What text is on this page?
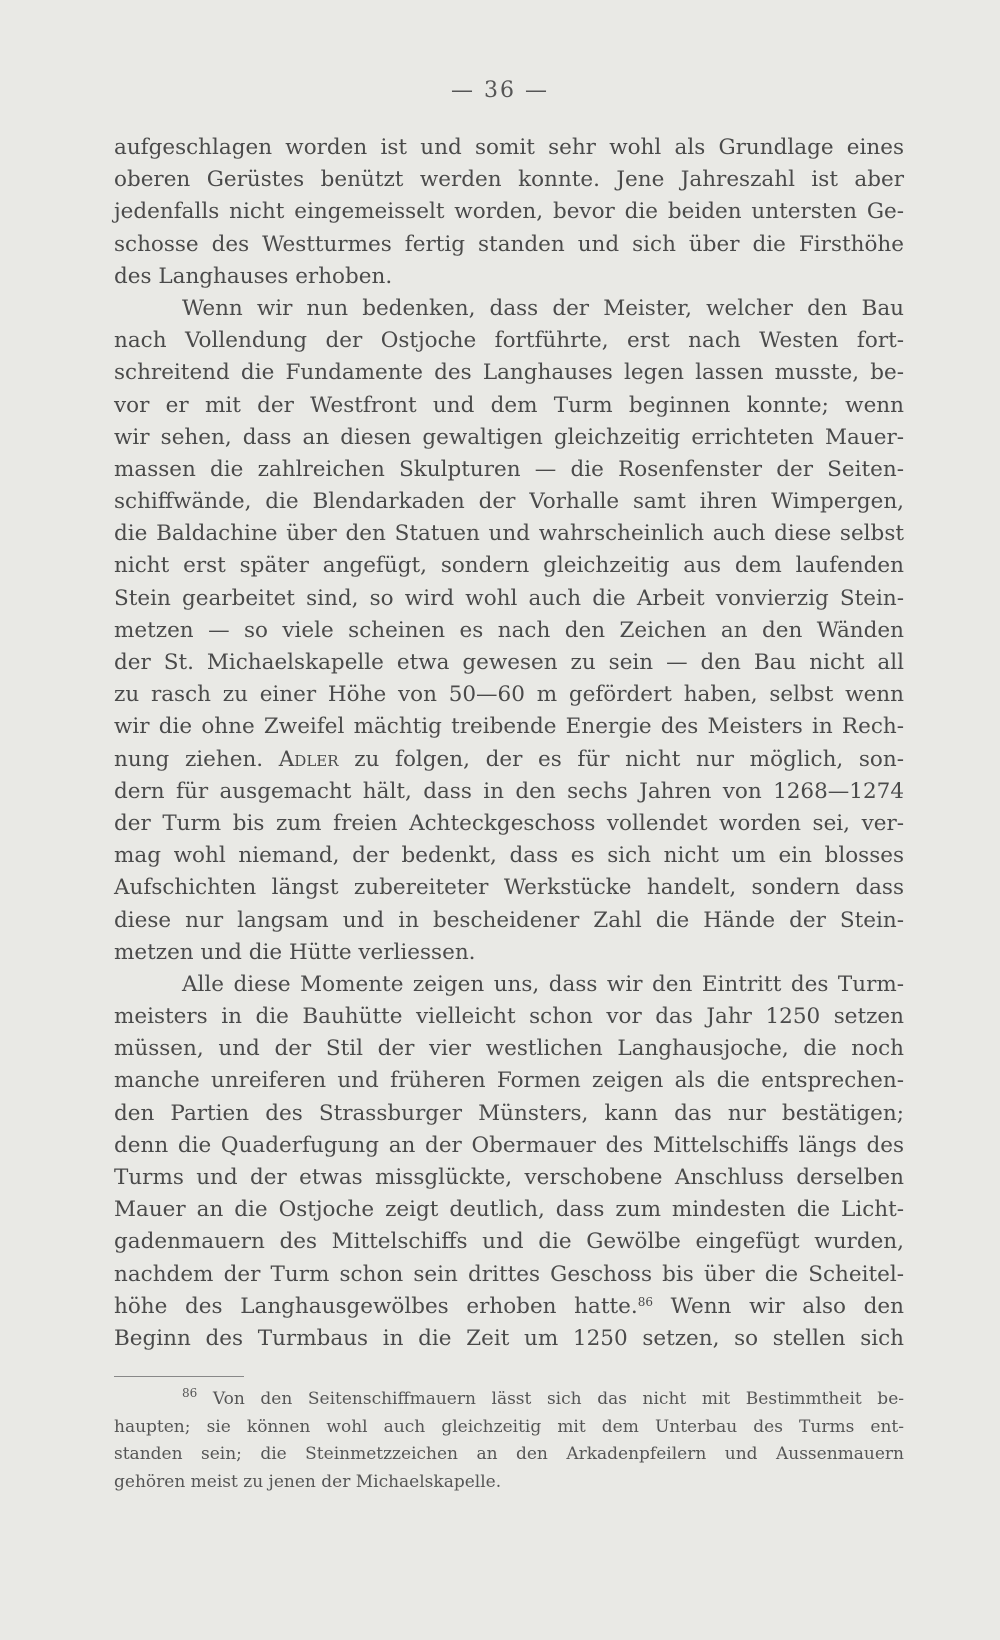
— 36 —
aufgeschlagen worden ist und somit sehr wohl als Grundlage eines
oberen Gerüstes benützt werden konnte. Jene Jahreszahl ist aber
jedenfalls nicht eingemeisselt worden, bevor die beiden untersten Ge-
schosse des Westturmes fertig standen und sich über die Firsthöhe
des Langhauses erhoben.
Wenn wir nun bedenken, dass der Meister, welcher den Bau
nach Vollendung der Ostjoche fortführte, erst nach Westen fort-
schreitend die Fundamente des Langhauses legen lassen musste, be-
vor er mit der Westfront und dem Turm beginnen konnte; wenn
wir sehen, dass an diesen gewaltigen gleichzeitig errichteten Mauer-
massen die zahlreichen Skulpturen — die Rosenfenster der Seiten-
schiffwände, die Blendarkaden der Vorhalle samt ihren Wimpergen,
die Baldachine über den Statuen und wahrscheinlich auch diese selbst
nicht erst später angefügt, sondern gleichzeitig aus dem laufenden
Stein gearbeitet sind, so wird wohl auch die Arbeit vonvierzig Stein-
metzen — so viele scheinen es nach den Zeichen an den Wänden
der St. Michaelskapelle etwa gewesen zu sein — den Bau nicht all
zu rasch zu einer Höhe von 50—60 m gefördert haben, selbst wenn
wir die ohne Zweifel mächtig treibende Energie des Meisters in Rech-
nung ziehen. Adler zu folgen, der es für nicht nur möglich, son-
dern für ausgemacht hält, dass in den sechs Jahren von 1268—1274
der Turm bis zum freien Achteckgeschoss vollendet worden sei, ver-
mag wohl niemand, der bedenkt, dass es sich nicht um ein blosses
Aufschichten längst zubereiteter Werkstücke handelt, sondern dass
diese nur langsam und in bescheidener Zahl die Hände der Stein-
metzen und die Hütte verliessen.
Alle diese Momente zeigen uns, dass wir den Eintritt des Turm-
meisters in die Bauhütte vielleicht schon vor das Jahr 1250 setzen
müssen, und der Stil der vier westlichen Langhausjoche, die noch
manche unreiferen und früheren Formen zeigen als die entsprechen-
den Partien des Strassburger Münsters, kann das nur bestätigen;
denn die Quaderfugung an der Obermauer des Mittelschiffs längs des
Turms und der etwas missglückte, verschobene Anschluss derselben
Mauer an die Ostjoche zeigt deutlich, dass zum mindesten die Licht-
gadenmauern des Mittelschiffs und die Gewölbe eingefügt wurden,
nachdem der Turm schon sein drittes Geschoss bis über die Scheitel-
höhe des Langhausgewölbes erhoben hatte.$^{86}$ Wenn wir also den
Beginn des Turmbaus in die Zeit um 1250 setzen, so stellen sich
$^{86}$ Von den Seitenschiffmauern lässt sich das nicht mit Bestimmtheit be-
haupten; sie können wohl auch gleichzeitig mit dem Unterbau des Turms ent-
standen sein; die Steinmetzzeichen an den Arkadenpfeilern und Aussenmauern
gehören meist zu jenen der Michaelskapelle.
